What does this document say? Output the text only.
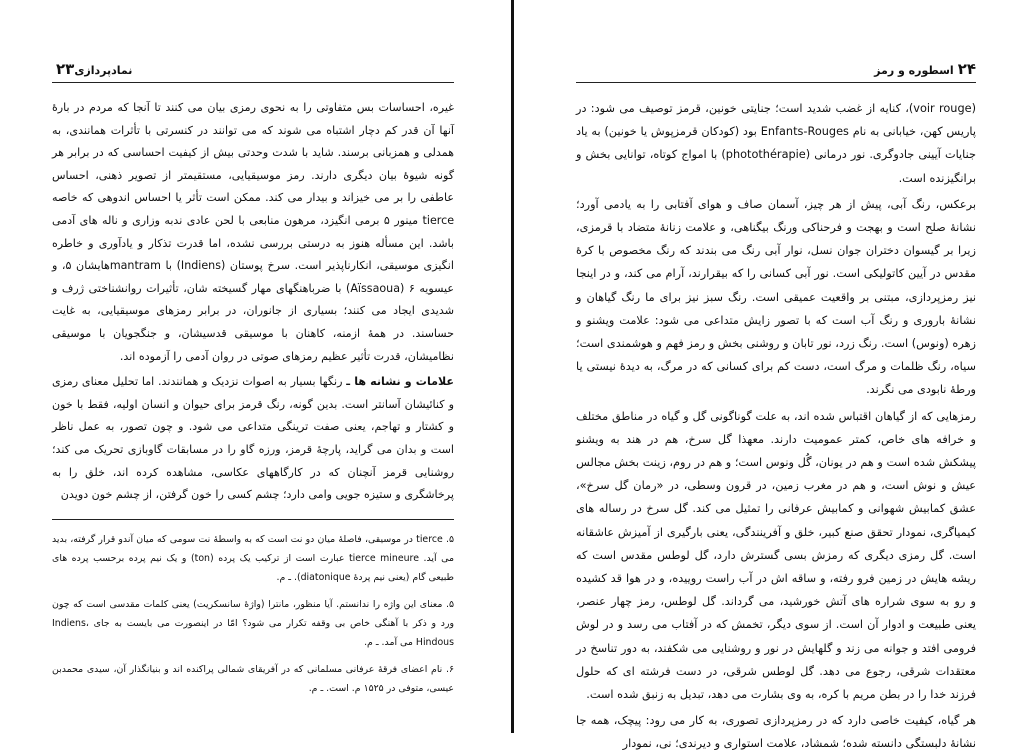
نمادپردازی
۲۳

غیره، احساسات بس متفاوتی را به نحوی رمزی بیان می کنند تا آنجا که مردم در بارهٔ آنها آن قدر کم دچار اشتباه می شوند که می توانند در کنسرتی با تأثرات همانندی، به همدلی و همزبانی برسند. شاید با شدت وحدتی بیش از کیفیت احساسی که در برابر هر گونه شیوهٔ بیان دیگری دارند. رمز موسیقیایی، مستقیمتر از تصویر ذهنی، احساس عاطفی را بر می خیزاند و بیدار می کند. ممکن است تأثر یا احساس اندوهی که خاصه tierce مینور ۵ برمی انگیزد، مرهون منابعی با لحن عادی ندبه وزاری و ناله های آدمی باشد. این مسأله هنوز به درستی بررسی نشده، اما قدرت تذکار و یادآوری و خاطره انگیزی موسیقی، انکارناپذیر است. سرخ پوستان (Indiens) با mantramهایشان ۵، و عیسویه ۶ (Aïssaoua) با ضرباهنگهای مهار گسیخته شان، تأثیرات روانشناختی ژرف و شدیدی ایجاد می کنند؛ بسیاری از جانوران، در برابر رمزهای موسیقیایی، به غایت حساسند. در همهٔ ازمنه، کاهنان با موسیقی قدسیشان، و جنگجویان با موسیقی نظامیشان، قدرت تأثیر عظیم رمزهای صوتی در روان آدمی را آزموده اند.

علامات و نشانه ها ـ رنگها بسیار به اصوات نزدیک و همانندند. اما تحلیل معنای رمزی و کنائیشان آسانتر است. بدین گونه، رنگ قرمز برای حیوان و انسان اولیه، فقط با خون و کشتار و تهاجم، یعنی صفت ترینگی متداعی می شود. و چون تصور، به عمل ناظر است و بدان می گراید، پارچهٔ قرمز، ورزه گاو را در مسابقات گاوبازی تحریک می کند؛ روشنایی قرمز آنچنان که در کارگاههای عکاسی، مشاهده کرده اند، خلق را به پرخاشگری و ستیزه جویی وامی دارد؛ چشم کسی را خون گرفتن، از چشم خون دویدن

۵. tierce در موسیقی، فاصلهٔ میان دو نت است که به واسطهٔ نت سومی که میان آندو قرار گرفته، بدید می آید. tierce mineure عبارت است از ترکیب یک پرده (ton) و یک نیم پرده برحسب پرده های طبیعی گام (یعنی نیم پردهٔ diatonique). ـ م.

۵. معنای این واژه را ندانستم. آیا منظور، مانترا (واژهٔ سانسکریت) یعنی کلمات مقدسی است که چون ورد و ذکر با آهنگی خاص بی وقفه تکرار می شود؟ امّا در اینصورت می بایست به جای Indiens، Hindous می آمد. ـ م.

۶. نام اعضای فرقهٔ عرفانی مسلمانی که در آفریقای شمالی پراکنده اند و بنیانگذار آن، سیدی محمدبن عیسی، متوفی در ۱۵۲۵ م. است. ـ م.

۲۴
اسطوره و رمز

(voir rouge)، کنایه از غضب شدید است؛ جنایتی خونین، قرمز توصیف می شود: در پاریس کهن، خیابانی به نام Enfants-Rouges بود (کودکان قرمزپوش یا خونین) به یاد جنایات آیینی جادوگری. نور درمانی (photothérapie) با امواج کوتاه، توانایی بخش و برانگیزنده است.

برعکس، رنگ آبی، پیش از هر چیز، آسمان صاف و هوای آفتابی را به یادمی آورد؛ نشانهٔ صلح است و بهجت و فرحناکی ورنگ بیگناهی، و علامت زنانهٔ متضاد با قرمزی، زیرا بر گیسوان دختران جوان نسل، نوار آبی رنگ می بندند که رنگ مخصوص با کرهٔ مقدس در آیین کاتولیکی است. نور آبی کسانی را که بیقرارند، آرام می کند، و در اینجا نیز رمزپردازی، مبتنی بر واقعیت عمیقی است. رنگ سبز نیز برای ما رنگ گیاهان و نشانهٔ باروری و رنگ آب است که با تصور زایش متداعی می شود: علامت ویشنو و زهره (ونوس) است. رنگ زرد، نور تابان و روشنی بخش و رمز فهم و هوشمندی است؛ سیاه، رنگ ظلمات و مرگ است، دست کم برای کسانی که در مرگ، به دیدهٔ نیستی یا ورطهٔ نابودی می نگرند.

رمزهایی که از گیاهان اقتباس شده اند، به علت گوناگونی گل و گیاه در مناطق مختلف و خرافه های خاص، کمتر عمومیت دارند. معهذا گل سرخ، هم در هند به ویشنو پیشکش شده است و هم در یونان، گُل ونوس است؛ و هم در روم، زینت بخش مجالس عیش و نوش است، و هم در مغرب زمین، در قرون وسطی، در «رمان گل سرخ»، عشق کمابیش شهوانی و کمابیش عرفانی را تمثیل می کند. گل سرخ در رساله های کیمیاگری، نمودار تحقق صنع کبیر، خلق و آفرینندگی، یعنی بارگیری از آمیزش عاشقانه است. گل رمزی دیگری که رمزش بسی گسترش دارد، گل لوطس مقدس است که ریشه هایش در زمین فرو رفته، و ساقه اش در آب راست روییده، و در هوا قد کشیده و رو به سوی شراره های آتش خورشید، می گرداند. گل لوطس، رمز چهار عنصر، یعنی طبیعت و ادوار آن است. از سوی دیگر، تخمش که در آفتاب می رسد و در لوش فرومی افتد و جوانه می زند و گلهایش در نور و روشنایی می شکفند، به دور تناسخ در معتقدات شرقی، رجوع می دهد. گل لوطس شرقی، در دست فرشته ای که حلول فرزند خدا را در بطن مریم با کره، به وی بشارت می دهد، تبدیل به زنبق شده است.

هر گیاه، کیفیت خاصی دارد که در رمزپردازی تصوری، به کار می رود: پیچک، همه جا نشانهٔ دلبستگی دانسته شده؛ شمشاد، علامت استواری و دیرندی؛ نی، نمودار
